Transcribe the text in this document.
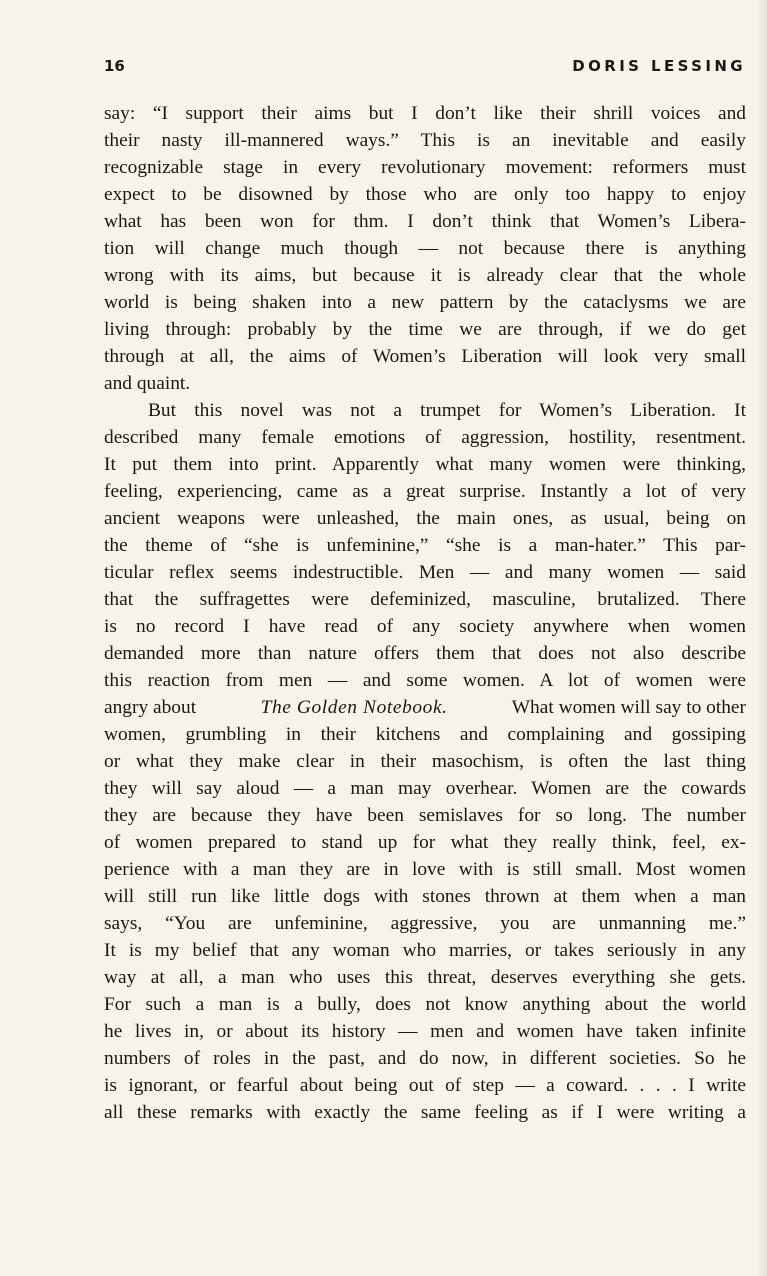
16	DORIS LESSING
say: “I support their aims but I don’t like their shrill voices and
their nasty ill-mannered ways.” This is an inevitable and easily
recognizable stage in every revolutionary movement: reformers must
expect to be disowned by those who are only too happy to enjoy
what has been won for thm. I don’t think that Women’s Libera-
tion will change much though — not because there is anything
wrong with its aims, but because it is already clear that the whole
world is being shaken into a new pattern by the cataclysms we are
living through: probably by the time we are through, if we do get
through at all, the aims of Women’s Liberation will look very small
and quaint.
But this novel was not a trumpet for Women’s Liberation. It
described many female emotions of aggression, hostility, resentment.
It put them into print. Apparently what many women were thinking,
feeling, experiencing, came as a great surprise. Instantly a lot of very
ancient weapons were unleashed, the main ones, as usual, being on
the theme of “she is unfeminine,” “she is a man-hater.” This par-
ticular reflex seems indestructible. Men — and many women — said
that the suffragettes were defeminized, masculine, brutalized. There
is no record I have read of any society anywhere when women
demanded more than nature offers them that does not also describe
this reaction from men — and some women. A lot of women were
angry about	The Golden Notebook.	What women will say to other
women, grumbling in their kitchens and complaining and gossiping
or what they make clear in their masochism, is often the last thing
they will say aloud — a man may overhear. Women are the cowards
they are because they have been semislaves for so long. The number
of women prepared to stand up for what they really think, feel, ex-
perience with a man they are in love with is still small. Most women
will still run like little dogs with stones thrown at them when a man
says, “You are unfeminine, aggressive, you are unmanning me.”
It is my belief that any woman who marries, or takes seriously in any
way at all, a man who uses this threat, deserves everything she gets.
For such a man is a bully, does not know anything about the world
he lives in, or about its history — men and women have taken infinite
numbers of roles in the past, and do now, in different societies. So he
is ignorant, or fearful about being out of step — a coward. . . . I write
all these remarks with exactly the same feeling as if I were writing a
